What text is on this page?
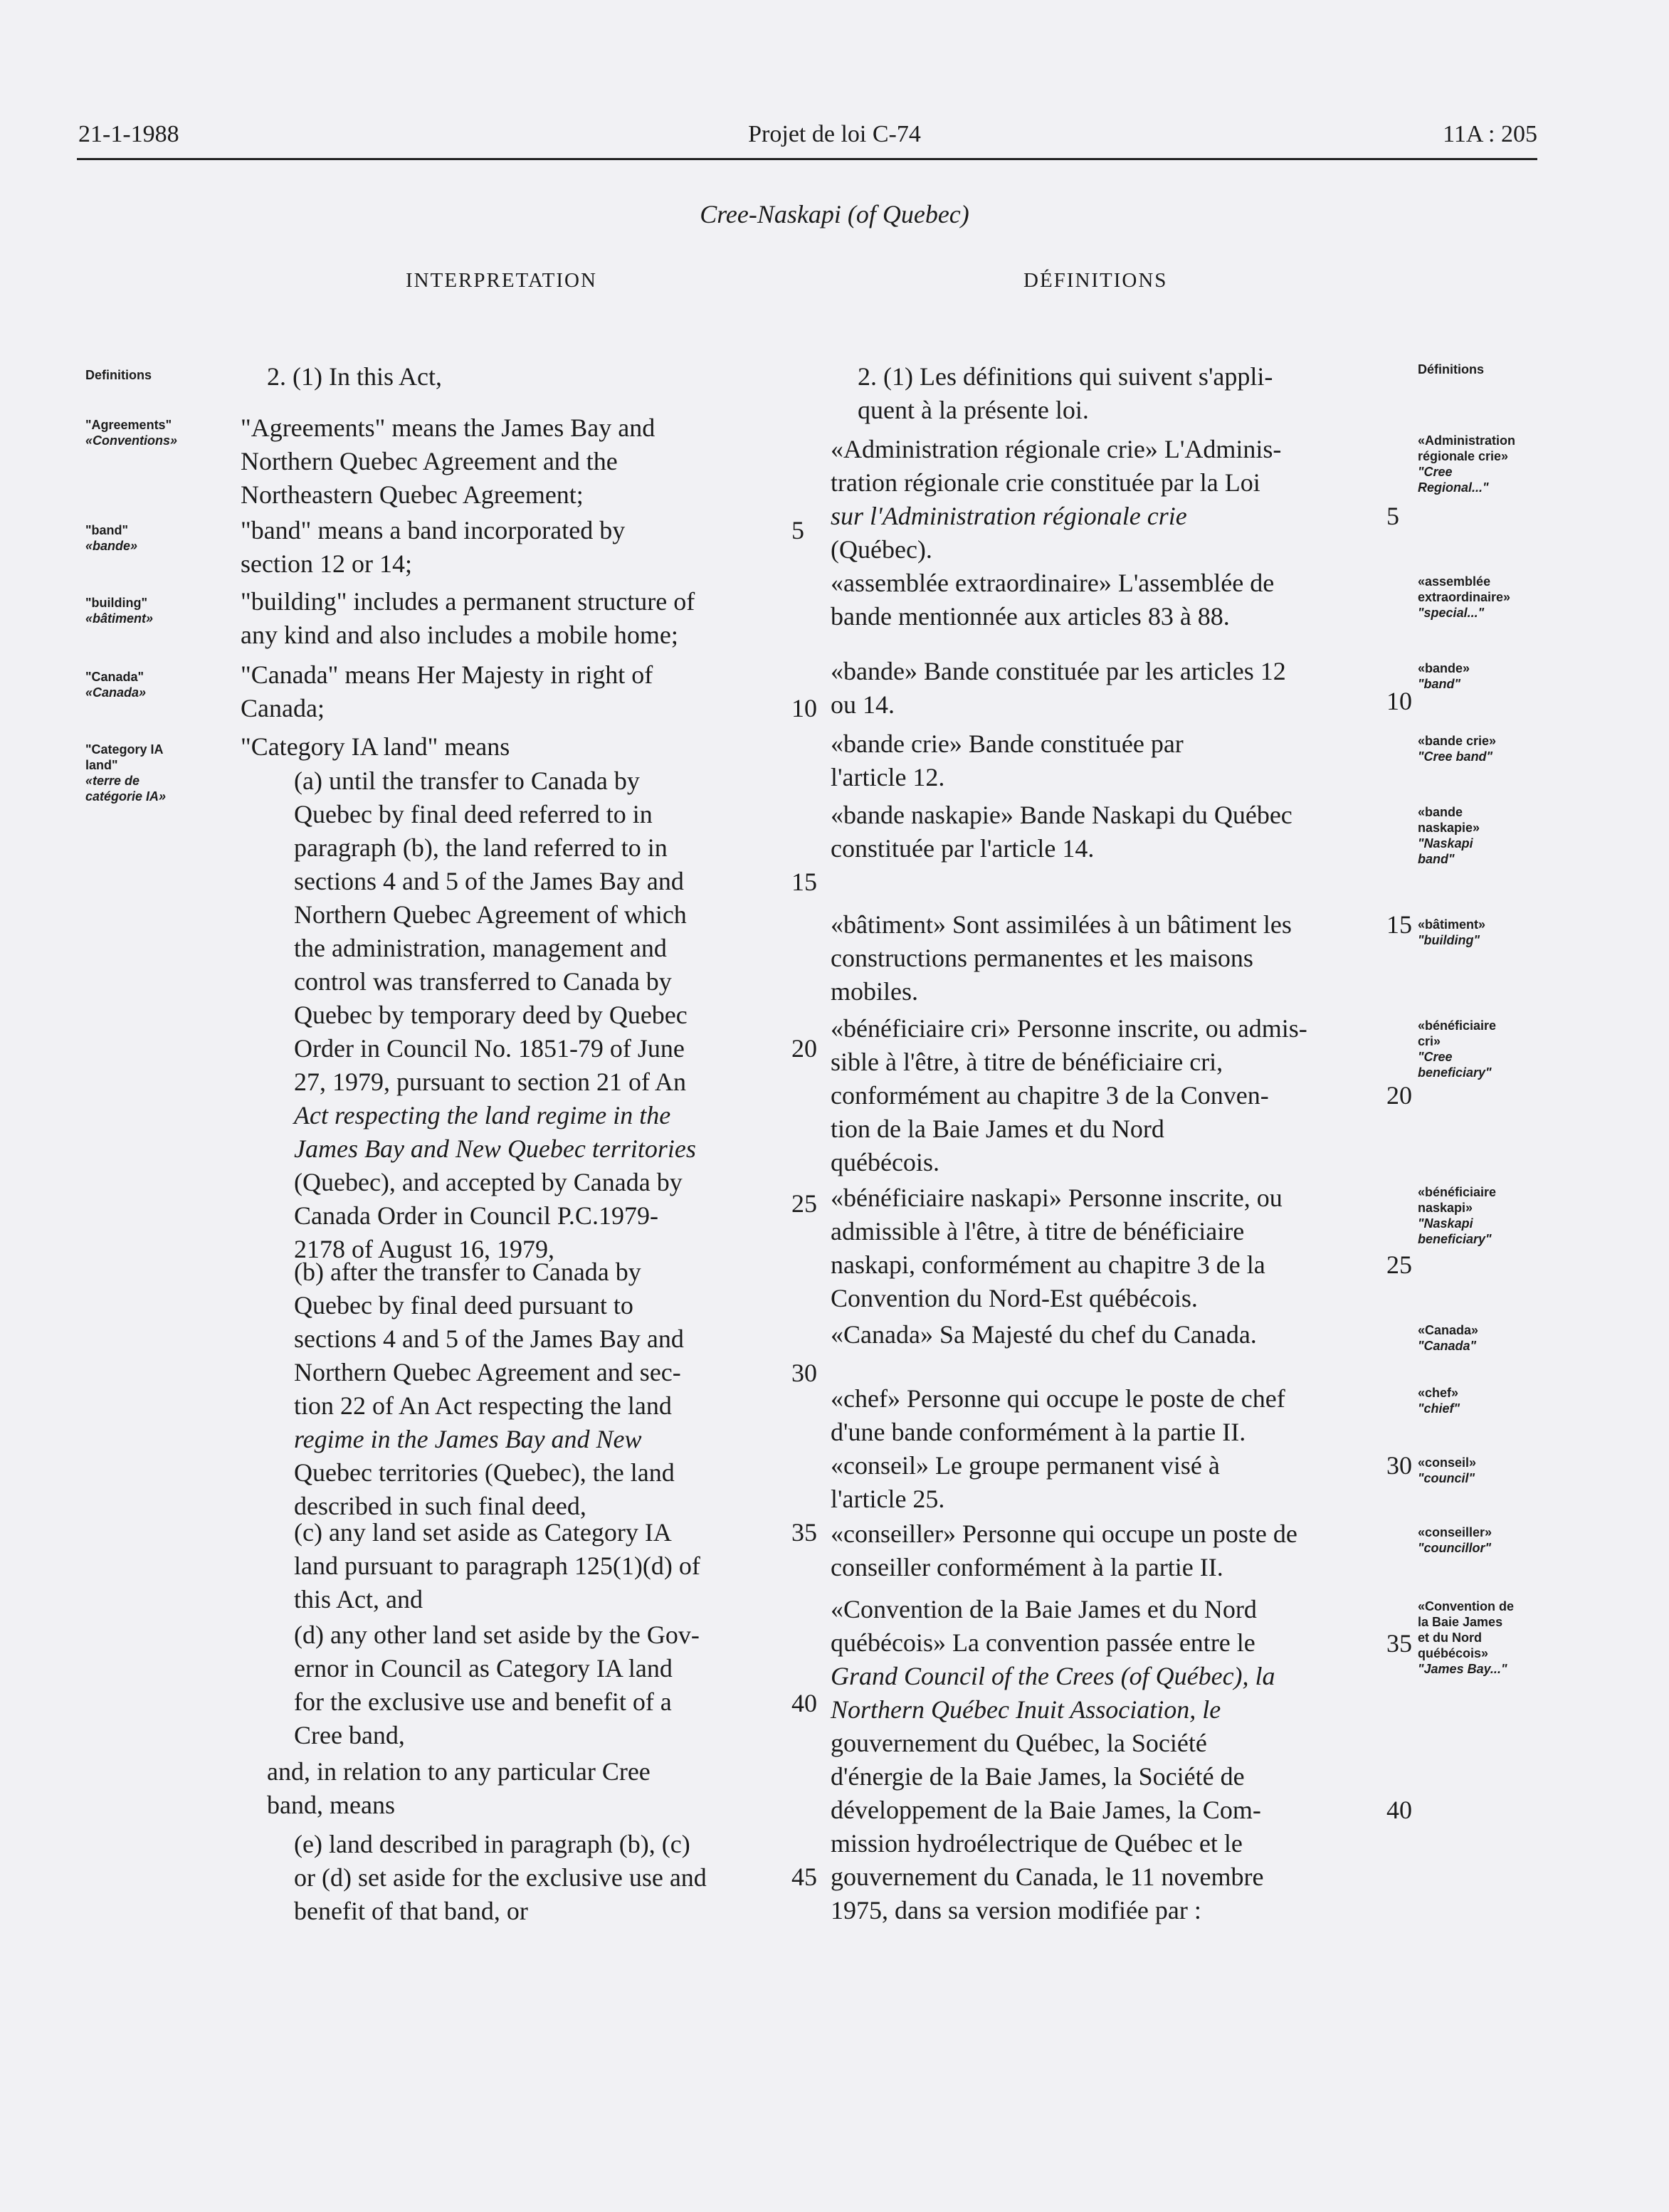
21-1-1988	Projet de loi C-74	11A : 205
Cree-Naskapi (of Quebec)
INTERPRETATION	DÉFINITIONS
Definitions
"Agreements"
«Conventions»
"band"
«bande»
"building"
«bâtiment»
"Canada"
«Canada»
"Category IA
land"
«terre de
catégorie IA»
Définitions
«Administration
régionale crie»
"Cree
Regional..."
«assemblée
extraordinaire»
"special..."
«bande»
"band"
«bande crie»
"Cree band"
«bande
naskapie»
"Naskapi
band"
«bâtiment»
"building"
«bénéficiaire
cri»
"Cree
beneficiary"
«bénéficiaire
naskapi»
"Naskapi
beneficiary"
«Canada»
"Canada"
«chef»
"chief"
«conseil»
"council"
«conseiller»
"councillor"
«Convention de
la Baie James
et du Nord
québécois»
"James Bay..."
2. (1) In this Act,
"Agreements" means the James Bay and
Northern Quebec Agreement and the
Northeastern Quebec Agreement;
"band" means a band incorporated by
section 12 or 14;
"building" includes a permanent structure of
any kind and also includes a mobile home;
"Canada" means Her Majesty in right of
Canada;
"Category IA land" means
(a) until the transfer to Canada by
Quebec by final deed referred to in
paragraph (b), the land referred to in
sections 4 and 5 of the James Bay and
Northern Quebec Agreement of which
the administration, management and
control was transferred to Canada by
Quebec by temporary deed by Quebec
Order in Council No. 1851-79 of June
27, 1979, pursuant to section 21 of An
Act respecting the land regime in the
James Bay and New Quebec territories
(Quebec), and accepted by Canada by
Canada Order in Council P.C.1979-
2178 of August 16, 1979,
(b) after the transfer to Canada by
Quebec by final deed pursuant to
sections 4 and 5 of the James Bay and
Northern Quebec Agreement and sec-
tion 22 of An Act respecting the land
regime in the James Bay and New
Quebec territories (Quebec), the land
described in such final deed,
(c) any land set aside as Category IA
land pursuant to paragraph 125(1)(d) of
this Act, and
(d) any other land set aside by the Gov-
ernor in Council as Category IA land
for the exclusive use and benefit of a
Cree band,
and, in relation to any particular Cree
band, means
(e) land described in paragraph (b), (c)
or (d) set aside for the exclusive use and
benefit of that band, or
5
10
15
20
25
30
35
40
45
2. (1) Les définitions qui suivent s'appli-
quent à la présente loi.
«Administration régionale crie» L'Adminis-
tration régionale crie constituée par la Loi
sur l'Administration régionale crie
(Québec).
«assemblée extraordinaire» L'assemblée de
bande mentionnée aux articles 83 à 88.
«bande» Bande constituée par les articles 12
ou 14.
«bande crie» Bande constituée par
l'article 12.
«bande naskapie» Bande Naskapi du Québec
constituée par l'article 14.
«bâtiment» Sont assimilées à un bâtiment les
constructions permanentes et les maisons
mobiles.
«bénéficiaire cri» Personne inscrite, ou admis-
sible à l'être, à titre de bénéficiaire cri,
conformément au chapitre 3 de la Conven-
tion de la Baie James et du Nord
québécois.
«bénéficiaire naskapi» Personne inscrite, ou
admissible à l'être, à titre de bénéficiaire
naskapi, conformément au chapitre 3 de la
Convention du Nord-Est québécois.
«Canada» Sa Majesté du chef du Canada.
«chef» Personne qui occupe le poste de chef
d'une bande conformément à la partie II.
«conseil» Le groupe permanent visé à
l'article 25.
«conseiller» Personne qui occupe un poste de
conseiller conformément à la partie II.
«Convention de la Baie James et du Nord
québécois» La convention passée entre le
Grand Council of the Crees (of Québec), la
Northern Québec Inuit Association, le
gouvernement du Québec, la Société
d'énergie de la Baie James, la Société de
développement de la Baie James, la Com-
mission hydroélectrique de Québec et le
gouvernement du Canada, le 11 novembre
1975, dans sa version modifiée par :
5
10
15
20
25
30
35
40
